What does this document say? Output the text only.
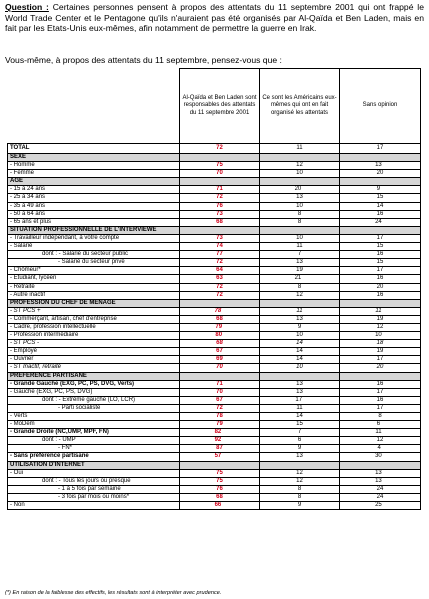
Question : Certaines personnes pensent à propos des attentats du 11 septembre 2001 qui ont frappé le World Trade Center et le Pentagone qu'ils n'auraient pas été organisés par Al-Qaïda et Ben Laden, mais en fait par les Etats-Unis eux-mêmes, afin notamment de permettre la guerre en Irak.
Vous-même, à propos des attentats du 11 septembre, pensez-vous que :
	Al-Qaïda et Ben Laden sont responsables des attentats du 11 septembre 2001	Ce sont les Américains eux-mêmes qui ont en fait organisé les attentats	Sans opinion
TOTAL	72	11	17
SEXE			
- Homme	75	12	13**
- Femme	70	10	20
AGE			
- 15 à 24 ans	71	20**	9**
- 25 à 34 ans	72	13	15
- 35 à 49 ans	76	10	14
- 50 à 64 ans	73	8	16
- 65 ans et plus	68	8	24**
SITUATION PROFESSIONNELLE DE L'INTERVIEWÉ			
- Travailleur indépendant, à votre compte	73	10	17
- Salarié	74	11	15
dont : - Salarié du secteur public	77	7	16
- Salarié du secteur privé	72	13	15
- Chômeur*	64	19	17
- Etudiant, lycéen	63	21**	16
- Retraité	72	8	20
- Autre inactif	72	12	16
PROFESSION DU CHEF DE MÉNAGE			
- ST PCS +	78**	11	11**
- Commerçant, artisan, chef d'entreprise	68	13	19
- Cadre, profession intellectuelle	79*	9	12
- Profession intermédiaire	80*	10	10**
- ST PCS -	68	14	18
- Employé	67	14	19
- Ouvrier	69	14	17
- ST Inactif, retraité	70	10	20
PRÉFÉRENCE PARTISANE			
- Grande Gauche (EXG, PC, PS, DVG, Verts)	71	13	16
- Gauche (EXG, PC, PS, DVG)	70	13	17
dont : - Extrême gauche (LO, LCR)	67	17*	16
- Parti socialiste	72	11	17
- Verts	78	14	8
- MoDem	79	15	6**
- Grande Droite (NC,UMP, MPF, FN)	82**	7	11**
dont : - UMP	92**	6	12
- FN*	87	9	4*
- Sans préférence partisane	57**	13	30**
UTILISATION D'INTERNET			
- Oui	75	12	13**
dont : - Tous les jours ou presque	75	12	13**
- 1 à 5 fois par semaine	76	8	24
- 3 fois par mois ou moins*	68	8	24
- Non	66**	9	25**
(*) En raison de la faiblesse des effectifs, les résultats sont à interpréter avec prudence.
